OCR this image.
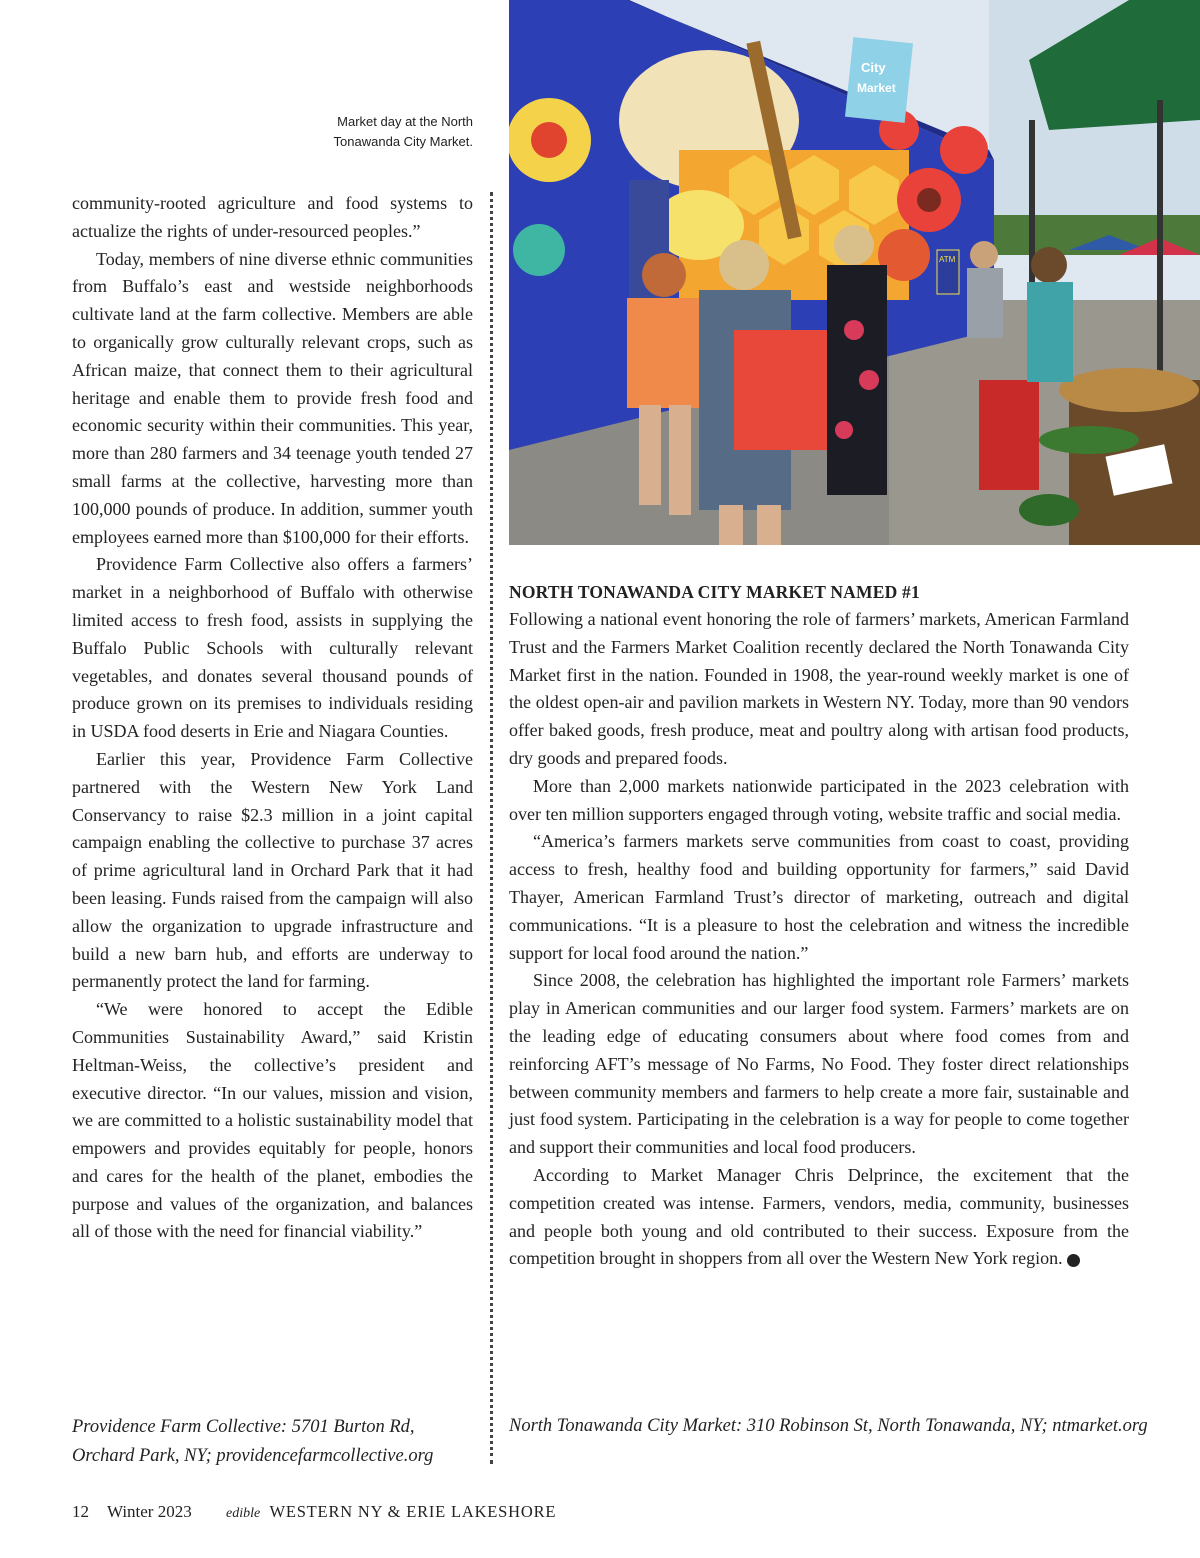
City
Market
ATM
Market day at the North Tonawanda City Market.

community-rooted agriculture and food systems to actualize the rights of under-resourced peoples.”

Today, members of nine diverse ethnic communities from Buffalo’s east and westside neighborhoods cultivate land at the farm collective. Members are able to organically grow culturally relevant crops, such as African maize, that connect them to their agricultural heritage and enable them to provide fresh food and economic security within their communities. This year, more than 280 farmers and 34 teenage youth tended 27 small farms at the collective, harvesting more than 100,000 pounds of produce. In addition, summer youth employees earned more than $100,000 for their efforts.

Providence Farm Collective also offers a farmers’ market in a neighborhood of Buffalo with otherwise limited access to fresh food, assists in supplying the Buffalo Public Schools with culturally relevant vegetables, and donates several thousand pounds of produce grown on its premises to individuals residing in USDA food deserts in Erie and Niagara Counties.

Earlier this year, Providence Farm Collective partnered with the Western New York Land Conservancy to raise $2.3 million in a joint capital campaign enabling the collective to purchase 37 acres of prime agricultural land in Orchard Park that it had been leasing. Funds raised from the campaign will also allow the organization to upgrade infrastructure and build a new barn hub, and efforts are underway to permanently protect the land for farming.

“We were honored to accept the Edible Communities Sustainability Award,” said Kristin Heltman-Weiss, the collective’s president and executive director. “In our values, mission and vision, we are committed to a holistic sustainability model that empowers and provides equitably for people, honors and cares for the health of the planet, embodies the purpose and values of the organization, and balances all of those with the need for financial viability.”

NORTH TONAWANDA CITY MARKET NAMED #1

Following a national event honoring the role of farmers’ markets, American Farmland Trust and the Farmers Market Coalition recently declared the North Tonawanda City Market first in the nation. Founded in 1908, the year-round weekly market is one of the oldest open-air and pavilion markets in Western NY. Today, more than 90 vendors offer baked goods, fresh produce, meat and poultry along with artisan food products, dry goods and prepared foods.

More than 2,000 markets nationwide participated in the 2023 celebration with over ten million supporters engaged through voting, website traffic and social media.

“America’s farmers markets serve communities from coast to coast, providing access to fresh, healthy food and building opportunity for farmers,” said David Thayer, American Farmland Trust’s director of marketing, outreach and digital communications. “It is a pleasure to host the celebration and witness the incredible support for local food around the nation.”

Since 2008, the celebration has highlighted the important role Farmers’ markets play in American communities and our larger food system. Farmers’ markets are on the leading edge of educating consumers about where food comes from and reinforcing AFT’s message of No Farms, No Food. They foster direct relationships between community members and farmers to help create a more fair, sustainable and just food system. Participating in the celebration is a way for people to come together and support their communities and local food producers.

According to Market Manager Chris Delprince, the excitement that the competition created was intense. Farmers, vendors, media, community, businesses and people both young and old contributed to their success. Exposure from the competition brought in shoppers from all over the Western New York region.	e

Providence Farm Collective: 5701 Burton Rd, Orchard Park, NY; providencefarmcollective.org
North Tonawanda City Market: 310 Robinson St, North Tonawanda, NY; ntmarket.org
12 Winter 2023 edible WESTERN NY & ERIE LAKESHORE
